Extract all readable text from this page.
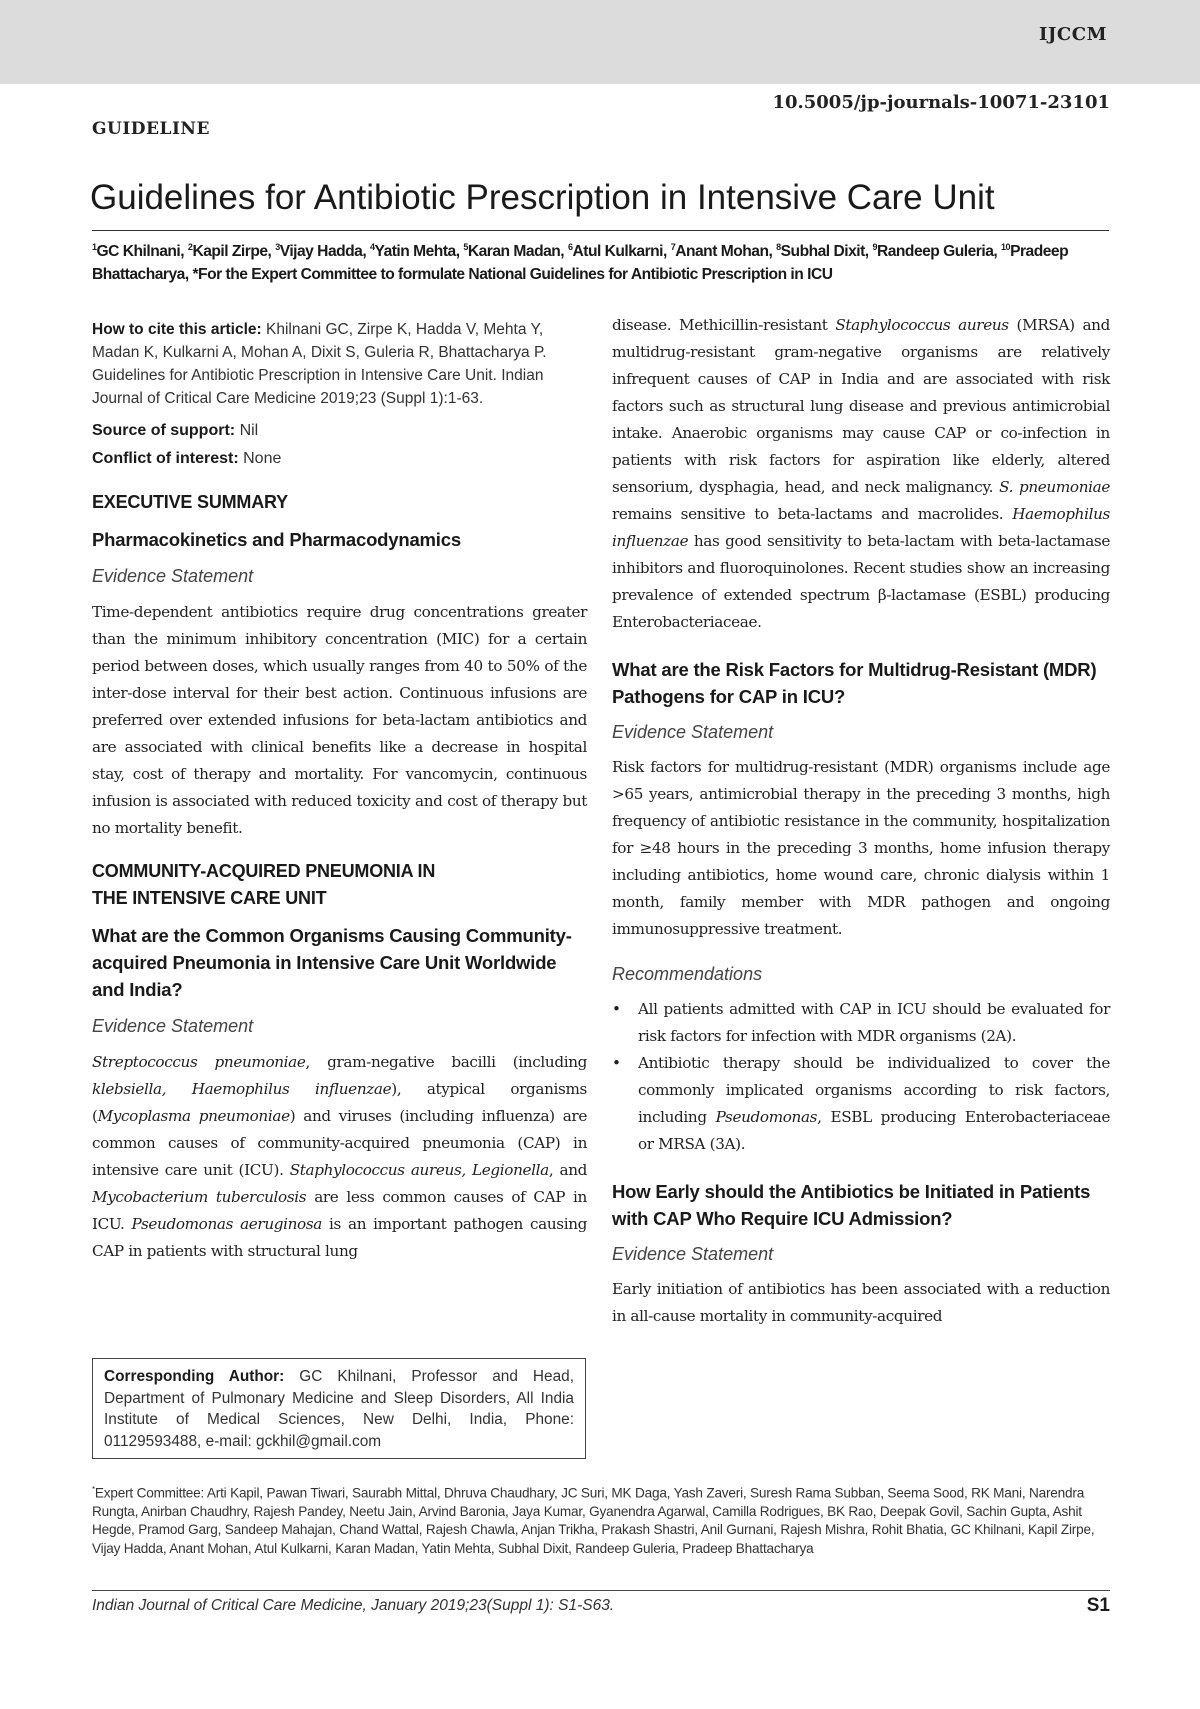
IJCCM
10.5005/jp-journals-10071-23101
GUIDELINE
Guidelines for Antibiotic Prescription in Intensive Care Unit
$^1$GC Khilnani, $^2$Kapil Zirpe, $^3$Vijay Hadda, $^4$Yatin Mehta, $^5$Karan Madan, $^6$Atul Kulkarni, $^7$Anant Mohan, $^8$Subhal Dixit, $^9$Randeep Guleria, $^{10}$Pradeep Bhattacharya, *For the Expert Committee to formulate National Guidelines for Antibiotic Prescription in ICU

How to cite this article: Khilnani GC, Zirpe K, Hadda V, Mehta Y, Madan K, Kulkarni A, Mohan A, Dixit S, Guleria R, Bhattacharya P. Guidelines for Antibiotic Prescription in Intensive Care Unit. Indian Journal of Critical Care Medicine 2019;23 (Suppl 1):1-63.

Source of support: Nil

Conflict of interest: None

EXECUTIVE SUMMARY
Pharmacokinetics and Pharmacodynamics

Evidence Statement

Time-dependent antibiotics require drug concentrations greater than the minimum inhibitory concentration (MIC) for a certain period between doses, which usually ranges from 40 to 50% of the inter-dose interval for their best action. Continuous infusions are preferred over extended infusions for beta-lactam antibiotics and are associated with clinical benefits like a decrease in hospital stay, cost of therapy and mortality. For vancomycin, continuous infusion is associated with reduced toxicity and cost of therapy but no mortality benefit.

COMMUNITY-ACQUIRED PNEUMONIA IN
THE INTENSIVE CARE UNIT
What are the Common Organisms Causing Community-acquired Pneumonia in Intensive Care Unit Worldwide and India?

Evidence Statement

Streptococcus pneumoniae, gram-negative bacilli (including klebsiella, Haemophilus influenzae), atypical organisms (Mycoplasma pneumoniae) and viruses (including influenza) are common causes of community-acquired pneumonia (CAP) in intensive care unit (ICU). Staphylococcus aureus, Legionella, and Mycobacterium tuberculosis are less common causes of CAP in ICU. Pseudomonas aeruginosa is an important pathogen causing CAP in patients with structural lung

disease. Methicillin-resistant Staphylococcus aureus (MRSA) and multidrug-resistant gram-negative organisms are relatively infrequent causes of CAP in India and are associated with risk factors such as structural lung disease and previous antimicrobial intake. Anaerobic organisms may cause CAP or co-infection in patients with risk factors for aspiration like elderly, altered sensorium, dysphagia, head, and neck malignancy. S. pneumoniae remains sensitive to beta-lactams and macrolides. Haemophilus influenzae has good sensitivity to beta-lactam with beta-lactamase inhibitors and fluoroquinolones. Recent studies show an increasing prevalence of extended spectrum β-lactamase (ESBL) producing Enterobacteriaceae.

What are the Risk Factors for Multidrug-Resistant (MDR) Pathogens for CAP in ICU?

Evidence Statement

Risk factors for multidrug-resistant (MDR) organisms include age >65 years, antimicrobial therapy in the preceding 3 months, high frequency of antibiotic resistance in the community, hospitalization for ≥48 hours in the preceding 3 months, home infusion therapy including antibiotics, home wound care, chronic dialysis within 1 month, family member with MDR pathogen and ongoing immunosuppressive treatment.

Recommendations

• All patients admitted with CAP in ICU should be evaluated for risk factors for infection with MDR organisms (2A).
• Antibiotic therapy should be individualized to cover the commonly implicated organisms according to risk factors, including Pseudomonas, ESBL producing Enterobacteriaceae or MRSA (3A).
How Early should the Antibiotics be Initiated in Patients with CAP Who Require ICU Admission?

Evidence Statement

Early initiation of antibiotics has been associated with a reduction in all-cause mortality in community-acquired

Corresponding Author: GC Khilnani, Professor and Head, Department of Pulmonary Medicine and Sleep Disorders, All India Institute of Medical Sciences, New Delhi, India, Phone: 01129593488, e-mail: gckhil@gmail.com
*Expert Committee: Arti Kapil, Pawan Tiwari, Saurabh Mittal, Dhruva Chaudhary, JC Suri, MK Daga, Yash Zaveri, Suresh Rama Subban, Seema Sood, RK Mani, Narendra Rungta, Anirban Chaudhry, Rajesh Pandey, Neetu Jain, Arvind Baronia, Jaya Kumar, Gyanendra Agarwal, Camilla Rodrigues, BK Rao, Deepak Govil, Sachin Gupta, Ashit Hegde, Pramod Garg, Sandeep Mahajan, Chand Wattal, Rajesh Chawla, Anjan Trikha, Prakash Shastri, Anil Gurnani, Rajesh Mishra, Rohit Bhatia, GC Khilnani, Kapil Zirpe, Vijay Hadda, Anant Mohan, Atul Kulkarni, Karan Madan, Yatin Mehta, Subhal Dixit, Randeep Guleria, Pradeep Bhattacharya
Indian Journal of Critical Care Medicine, January 2019;23(Suppl 1): S1-S63.	S1
